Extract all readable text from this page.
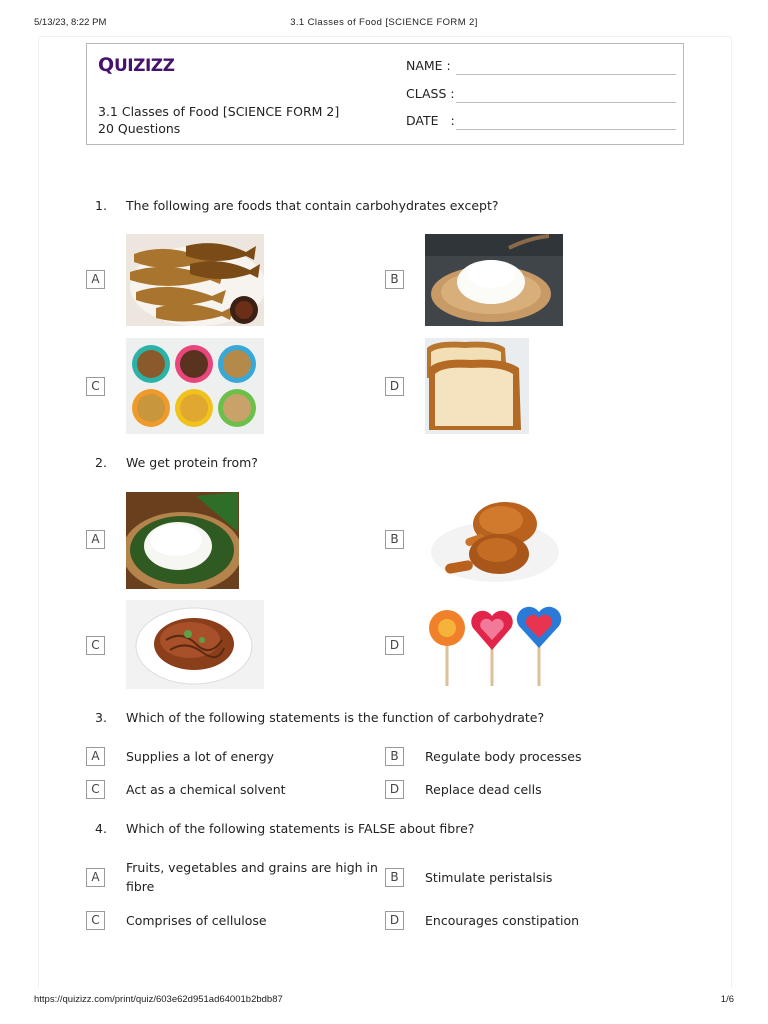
5/13/23, 8:22 PM	3.1 Classes of Food [SCIENCE FORM 2]
Q UIZIZZ
3.1 Classes of Food [SCIENCE FORM 2]
20 Questions
NAME :
CLASS :
DATE   :
1. The following are foods that contain carbohydrates except?
A	B
C	D
2. We get protein from?
A	B
C	D
3. Which of the following statements is the function of carbohydrate?
A	Supplies a lot of energy	B	Regulate body processes
C	Act as a chemical solvent	D	Replace dead cells
4. Which of the following statements is FALSE about fibre?
A
Fruits, vegetables and grains are high in fibre
B	Stimulate peristalsis
C	Comprises of cellulose	D	Encourages constipation
https://quizizz.com/print/quiz/603e62d951ad64001b2bdb87	1/6
